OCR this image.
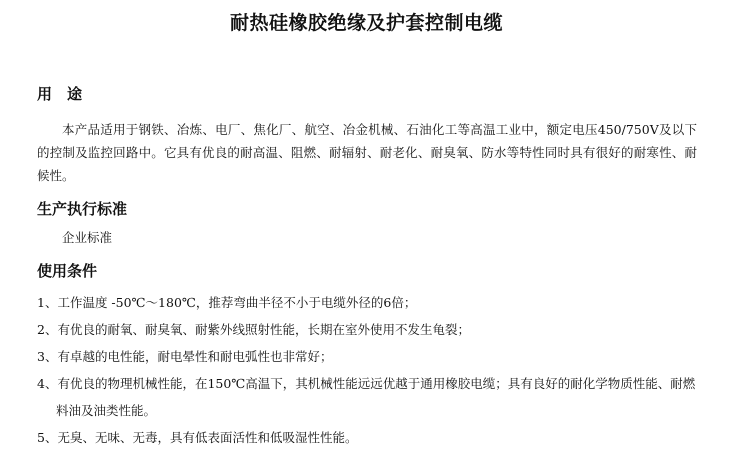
耐热硅橡胶绝缘及护套控制电缆
用　途
本产品适用于钢铁、冶炼、电厂、焦化厂、航空、冶金机械、石油化工等高温工业中，额定电压450/750V及以下的控制及监控回路中。它具有优良的耐高温、阻燃、耐辐射、耐老化、耐臭氧、防水等特性同时具有很好的耐寒性、耐候性。
生产执行标准
企业标准
使用条件
1、工作温度 -50℃～180℃，推荐弯曲半径不小于电缆外径的6倍；
2、有优良的耐氧、耐臭氧、耐紫外线照射性能，长期在室外使用不发生龟裂；
3、有卓越的电性能，耐电晕性和耐电弧性也非常好；
4、有优良的物理机械性能，在150℃高温下，其机械性能远远优越于通用橡胶电缆；具有良好的耐化学物质性能、耐燃料油及油类性能。
5、无臭、无味、无毒，具有低表面活性和低吸湿性性能。
